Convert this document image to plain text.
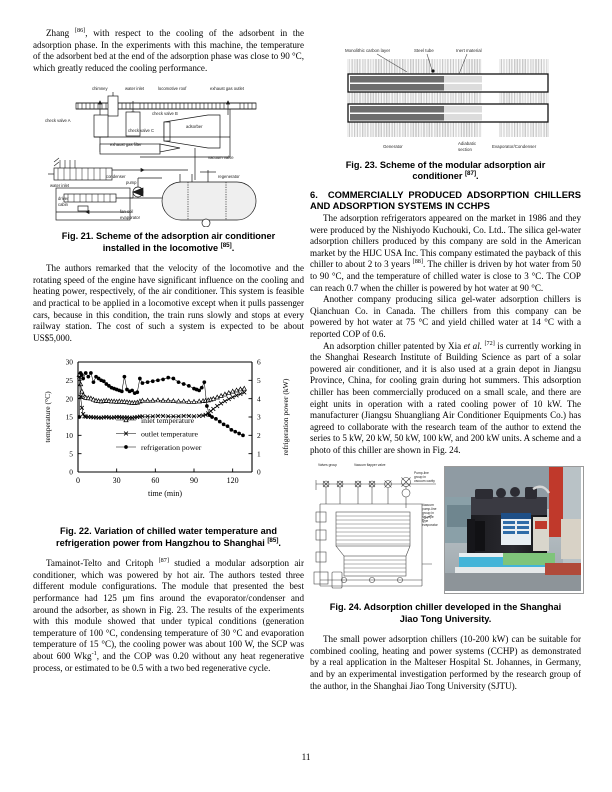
Zhang [86], with respect to the cooling of the adsorbent in the adsorption phase. In the experiments with this machine, the temperature of the adsorbent bed at the end of the adsorption phase was close to 90 °C, which greatly reduced the cooling performance.

chimney	water inlet	locomotive roof	exhaust gas outlet
check valve A
check valve B
check valve C
adsorber
exhaust gas filter
vacuum valve
condenser
water inlet
regenerator
pump
driver
cabin
fan coil
evaporator
Fig. 21. Scheme of the adsorption air conditioner
installed in the locomotive [85].

The authors remarked that the velocity of the locomotive and the rotating speed of the engine have significant influence on the cooling and heating power, respectively, of the air conditioner. This system is feasible and practical to be applied in a locomotive except when it pulls passenger cars, because in this condition, the train runs slowly and stops at every railway station. The cost of such a system is expected to be about US$5,000.

0
5
10
15
20
25
30
0
1
2
3
4
5
6
0	30	60	90	120
time (min)
temperature (°C)	refrigeration power (kW)
inlet temperature
outlet temperature
refrigeration power
Fig. 22. Variation of chilled water temperature and
refrigeration power from Hangzhou to Shanghai [85].

Tamainot-Telto and Critoph [87] studied a modular adsorption air conditioner, which was powered by hot air. The authors tested three different module configurations. The module that presented the best performance had 125 µm fins around the evaporator/condenser and around the adsorber, as shown in Fig. 23. The results of the experiments with this module showed that under typical conditions (generation temperature of 100 °C, condensing temperature of 30 °C and evaporation temperature of 15 °C), the cooling power was about 100 W, the SCP was about 600 Wkg$^{-1}$, and the COP was 0.20 without any heat regenerative process, or estimated to be 0.5 with a two bed regenerative cycle.

Monolithic carbon layer	Steel tube	Inert material
Generator
Adiabatic
section
Evaporator/Condenser
Fig. 23. Scheme of the modular adsorption air
conditioner [87].
6. COMMERCIALLY PRODUCED ADSORPTION CHILLERS AND ADSORPTION SYSTEMS IN CCHPS

The adsorption refrigerators appeared on the market in 1986 and they were produced by the Nishiyodo Kuchouki, Co. Ltd.. The silica gel-water adsorption chillers produced by this company are sold in the American market by the HIJC USA Inc. This company estimated the payback of this chiller to about 2 to 3 years [88]. The chiller is driven by hot water from 50 to 90 °C, and the temperature of chilled water is close to 3 °C. The COP can reach 0.7 when the chiller is powered by hot water at 90 °C.

Another company producing silica gel-water adsorption chillers is Qianchuan Co. in Canada. The chillers from this company can be powered by hot water at 75 °C and yield chilled water at 14 °C with a reported COP of 0.6.

An adsorption chiller patented by Xia et al. [72] is currently working in the Shanghai Research Institute of Building Science as part of a solar powered air conditioner, and it is also used at a grain depot in Jiangsu Province, China, for cooling grain during hot summers. This adsorption chiller has been commercially produced on a small scale, and there are eight units in operation with a rated cooling power of 10 kW. The manufacturer (Jiangsu Shuangliang Air Conditioner Equipments Co.) has agreed to collaborate with the research team of the author to extend the series to 5 kW, 20 kW, 50 kW, 100 kW, and 200 kW units. A scheme and a photo of this chiller are shown in Fig. 24.

Valves group	Vacuum flapper valve
Pump-line
group in
vacuum cavity
Vacuum
pump-line
group in
flat-pipe
type
evaporator
Fig. 24. Adsorption chiller developed in the Shanghai
Jiao Tong University.

The small power adsorption chillers (10-200 kW) can be suitable for combined cooling, heating and power systems (CCHP) as demonstrated by a real application in the Malteser Hospital St. Johannes, in Germany, and by an experimental investigation performed by the research group of the author, in the Shanghai Jiao Tong University (SJTU).

11
